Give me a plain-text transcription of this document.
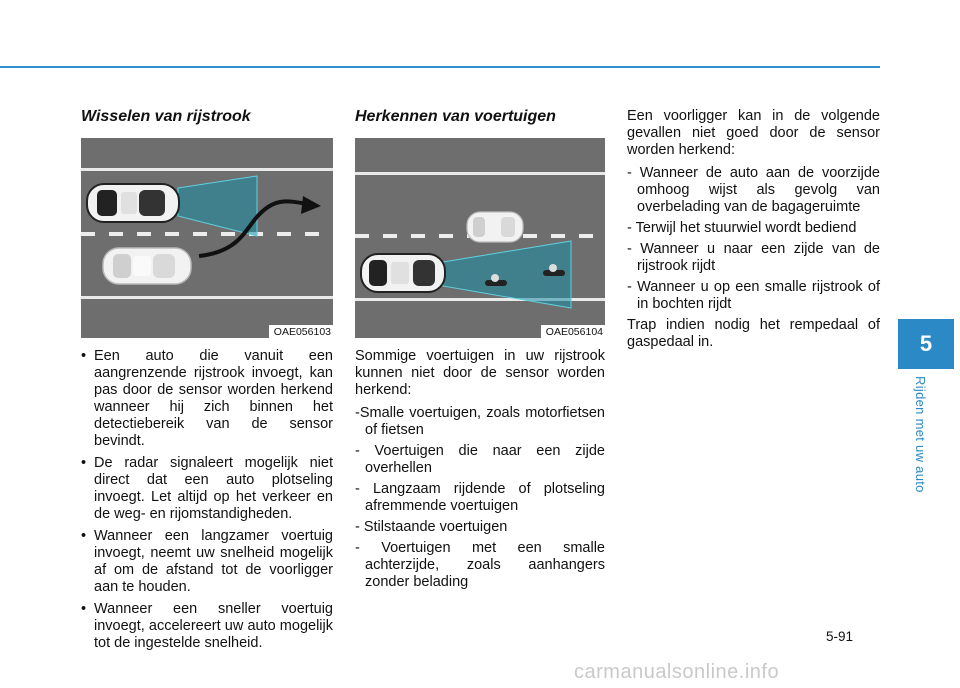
Wisselen van rijstrook
OAE056103
• Een auto die vanuit een aangrenzende rijstrook invoegt, kan pas door de sensor worden herkend wanneer hij zich binnen het detectiebereik van de sensor bevindt.
• De radar signaleert mogelijk niet direct dat een auto plotseling invoegt. Let altijd op het verkeer en de weg- en rijomstandigheden.
• Wanneer een langzamer voertuig invoegt, neemt uw snelheid mogelijk af om de afstand tot de voorligger aan te houden.
• Wanneer een sneller voertuig invoegt, accelereert uw auto mogelijk tot de ingestelde snelheid.
Herkennen van voertuigen
OAE056104

Sommige voertuigen in uw rijstrook kunnen niet door de sensor worden herkend:

-Smalle voertuigen, zoals motorfietsen of fietsen
- Voertuigen die naar een zijde overhellen
- Langzaam rijdende of plotseling afremmende voertuigen
- Stilstaande voertuigen
- Voertuigen met een smalle achterzijde, zoals aanhangers zonder belading

Een voorligger kan in de volgende gevallen niet goed door de sensor worden herkend:

- Wanneer de auto aan de voorzijde omhoog wijst als gevolg van overbelading van de bagageruimte
- Terwijl het stuurwiel wordt bediend
- Wanneer u naar een zijde van de rijstrook rijdt
- Wanneer u op een smalle rijstrook of in bochten rijdt

Trap indien nodig het rempedaal of gaspedaal in.	5
Rijden met uw auto
5-91
carmanualsonline.info
